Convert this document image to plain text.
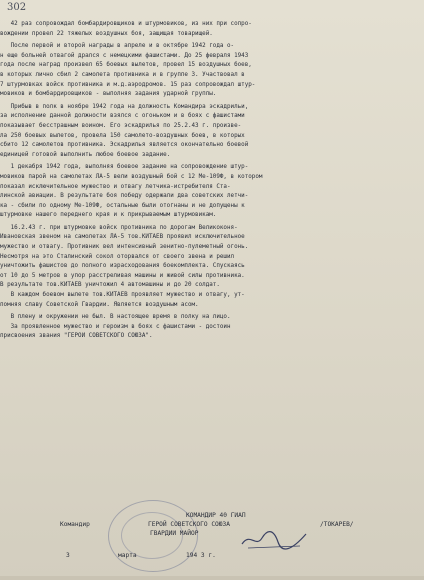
302
42 раз сопровождал бомбардировщиков и штурмовиков, из них при сопро-
вождении провел 22 тяжелых воздушных боя, защищая товарищей.
После первой и второй награды в апреле и в октябре 1942 года о-
н еще больней отвагой дрался с немецкими фашистами. До 25 февраля 1943
года после наград произвел 65 боевых вылетов, провел 15 воздушных боев,
в которых лично сбил 2 самолета противника и в группе 3. Участвовал в
7 штурмовках войск противника и м.д.аэродромов. 15 раз сопровождал штур-
мовиков и бомбардировщиков - выполняя задания ударной группы.
Прибыв в полк в ноябре 1942 года на должность Командира эскадрильи,
за исполнение данной должности взялся с огоньком и в боях с фашистами
показывает бесстрашным воином. Его эскадрилья по 25.2.43 г. произве-
ла 250 боевых вылетов, провела 150 самолето-воздушных боев, в которых
сбито 12 самолетов противника. Эскадрилья является окончательно боевой
единицей готовой выполнить любое боевое задание.
1 декабря 1942 года, выполняя боевое задание на сопровождение штур-
мовиков парой на самолетах ЛА-5 вели воздушный бой с 12 Ме-109Ф, в котором
показал исключительное мужество и отвагу летчика-истребителя Ста-
линской авиации. В результате боя победу одержали два советских летчи-
ка - сбили по одному Ме-109Ф, остальные были отогнаны и не допущены к
штурмовке нашего переднего края и к прикрываемым штурмовикам.
16.2.43 г. при штурмовке войск противника по дорогам Великоконя-
Ивановская звеном на самолетах ЛА-5 тов.КИТАЕВ проявил исключительное
мужество и отвагу. Противник вел интенсивный зенитно-пулеметный огонь.
Несмотря на это Сталинский сокол оторвался от своего звена и решил
уничтожить фашистов до полного израсходования боекомплекта. Спускаясь
от 10 до 5 метров в упор расстреливая машины и живой силы противника.
В результате тов.КИТАЕВ уничтожил 4 автомашины и до 20 солдат.
В каждом боевом вылете тов.КИТАЕВ проявляет мужество и отвагу, ут-
помняя славу Советской Гвардии. Является воздушным асом.
В плену и окружении не был. В настоящее время в полку на лицо.
За проявленное мужество и героизм в боях с фашистами - достоин
присвоения звания "ГЕРОЙ СОВЕТСКОГО СОЮЗА".
КОМАНДИР 40 ГИАП
ГЕРОЙ СОВЕТСКОГО СОЮЗА
ГВАРДИИ МАЙОР
Командир	/ТОКАРЕВ/
3	марта	194 3 г.
